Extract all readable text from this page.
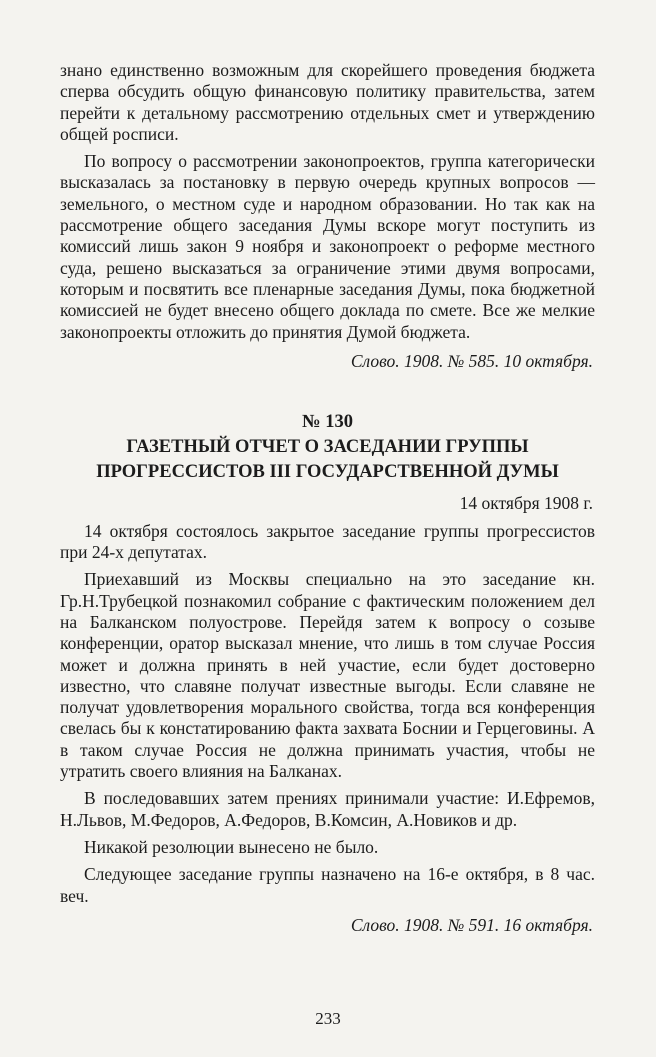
знано единственно возможным для скорейшего проведения бюджета сперва обсудить общую финансовую политику правительства, затем перейти к детальному рассмотрению отдельных смет и утверждению общей росписи.

По вопросу о рассмотрении законопроектов, группа категорически высказалась за постановку в первую очередь крупных вопросов — земельного, о местном суде и народном образовании. Но так как на рассмотрение общего заседания Думы вскоре могут поступить из комиссий лишь закон 9 ноября и законопроект о реформе местного суда, решено высказаться за ограничение этими двумя вопросами, которым и посвятить все пленарные заседания Думы, пока бюджетной комиссией не будет внесено общего доклада по смете. Все же мелкие законопроекты отложить до принятия Думой бюджета.

Слово. 1908. № 585. 10 октября.

№ 130

ГАЗЕТНЫЙ ОТЧЕТ О ЗАСЕДАНИИ ГРУППЫ

ПРОГРЕССИСТОВ III ГОСУДАРСТВЕННОЙ ДУМЫ

14 октября 1908 г.

14 октября состоялось закрытое заседание группы прогрессистов при 24-х депутатах.

Приехавший из Москвы специально на это заседание кн. Гр.Н.Трубецкой познакомил собрание с фактическим положением дел на Балканском полуострове. Перейдя затем к вопросу о созыве конференции, оратор высказал мнение, что лишь в том случае Россия может и должна принять в ней участие, если будет достоверно известно, что славяне получат известные выгоды. Если славяне не получат удовлетворения морального свойства, тогда вся конференция свелась бы к констатированию факта захвата Боснии и Герцеговины. А в таком случае Россия не должна принимать участия, чтобы не утратить своего влияния на Балканах.

В последовавших затем прениях принимали участие: И.Ефремов, Н.Львов, М.Федоров, А.Федоров, В.Комсин, А.Новиков и др.

Никакой резолюции вынесено не было.

Следующее заседание группы назначено на 16-е октября, в 8 час. веч.

Слово. 1908. № 591. 16 октября.

233
